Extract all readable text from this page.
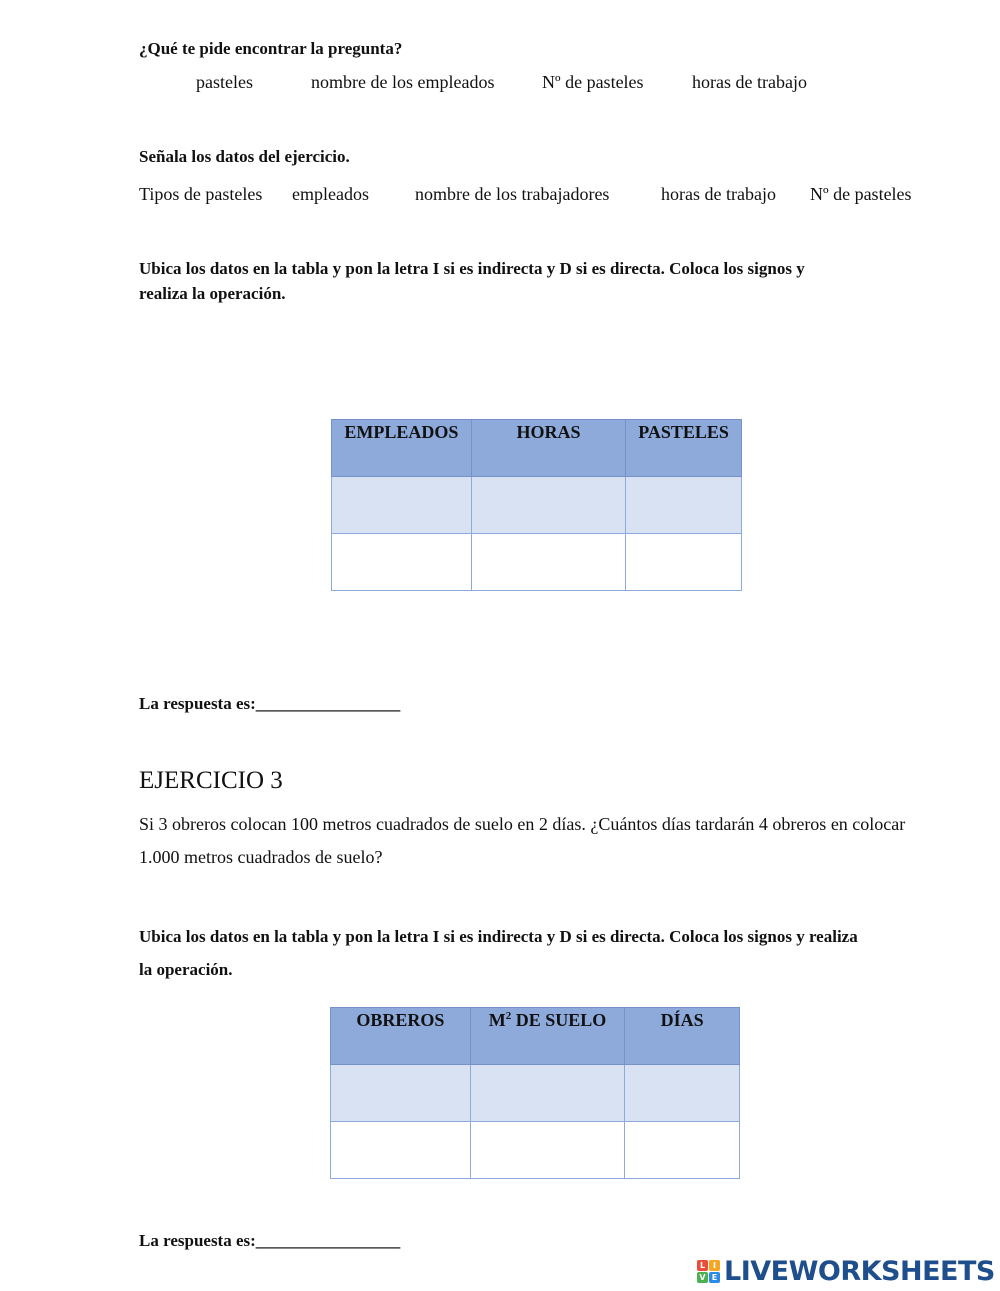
¿Qué te pide encontrar la pregunta?
pasteles	nombre de los empleados	Nº de pasteles	horas de trabajo
Señala los datos del ejercicio.
Tipos de pasteles empleados	nombre de los trabajadores	horas de trabajo Nº de pasteles
Ubica los datos en la tabla y pon la letra I si es indirecta y D si es directa. Coloca los signos y
realiza la operación.
EMPLEADOS	HORAS	PASTELES

La respuesta es:_________________
EJERCICIO 3
Si 3 obreros colocan 100 metros cuadrados de suelo en 2 días. ¿Cuántos días tardarán 4 obreros en colocar
1.000 metros cuadrados de suelo?
Ubica los datos en la tabla y pon la letra I si es indirecta y D si es directa. Coloca los signos y realiza
la operación.
OBREROS	$M^2$ DE SUELO	DÍAS

La respuesta es:_________________
L I
V E LIVEWORKSHEETS
